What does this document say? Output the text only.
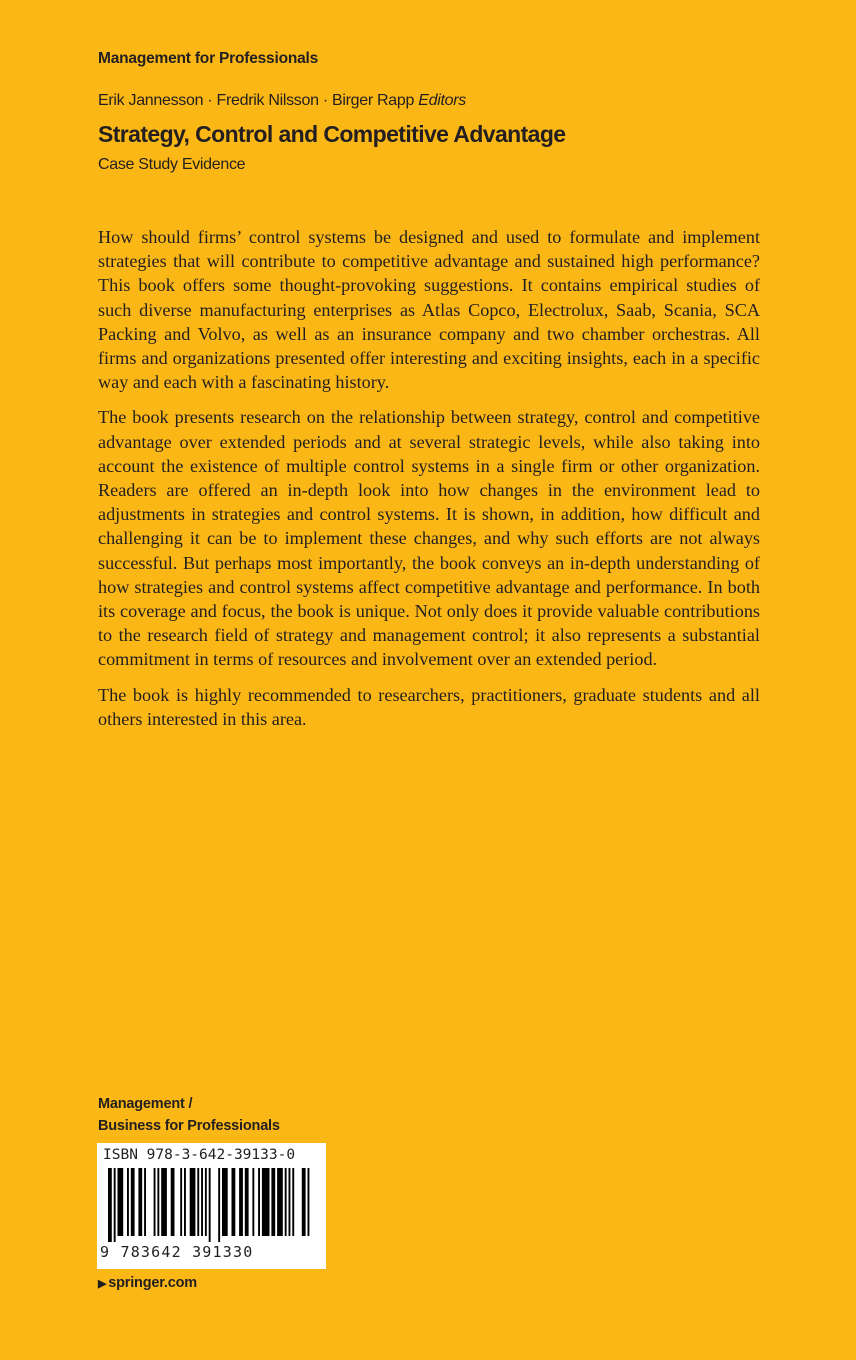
Management for Professionals
Erik Jannesson · Fredrik Nilsson · Birger Rapp Editors
Strategy, Control and Competitive Advantage
Case Study Evidence

How should firms’ control systems be designed and used to formulate and implement strategies that will contribute to competitive advantage and sustained high performance? This book offers some thought-provoking suggestions. It contains empirical studies of such diverse manufacturing enterprises as Atlas Copco, Electrolux, Saab, Scania, SCA Packing and Volvo, as well as an insurance company and two chamber orchestras. All firms and organizations presented offer interesting and exciting insights, each in a specific way and each with a fascinating history.

The book presents research on the relationship between strategy, control and competitive advantage over extended periods and at several strategic levels, while also taking into account the existence of multiple control systems in a single firm or other organization. Readers are offered an in-depth look into how changes in the environment lead to adjustments in strategies and control systems. It is shown, in addition, how difficult and challenging it can be to implement these changes, and why such efforts are not always successful. But perhaps most importantly, the book conveys an in-depth understanding of how strategies and control systems affect competitive advantage and performance. In both its coverage and focus, the book is unique. Not only does it provide valuable contributions to the research field of strategy and management control; it also represents a substantial commitment in terms of resources and involvement over an extended period.

The book is highly recommended to researchers, practitioners, graduate students and all others interested in this area.

Management /
Business for Professionals
ISBN 978-3-642-39133-0
9 783642 391330
▶ springer.com
